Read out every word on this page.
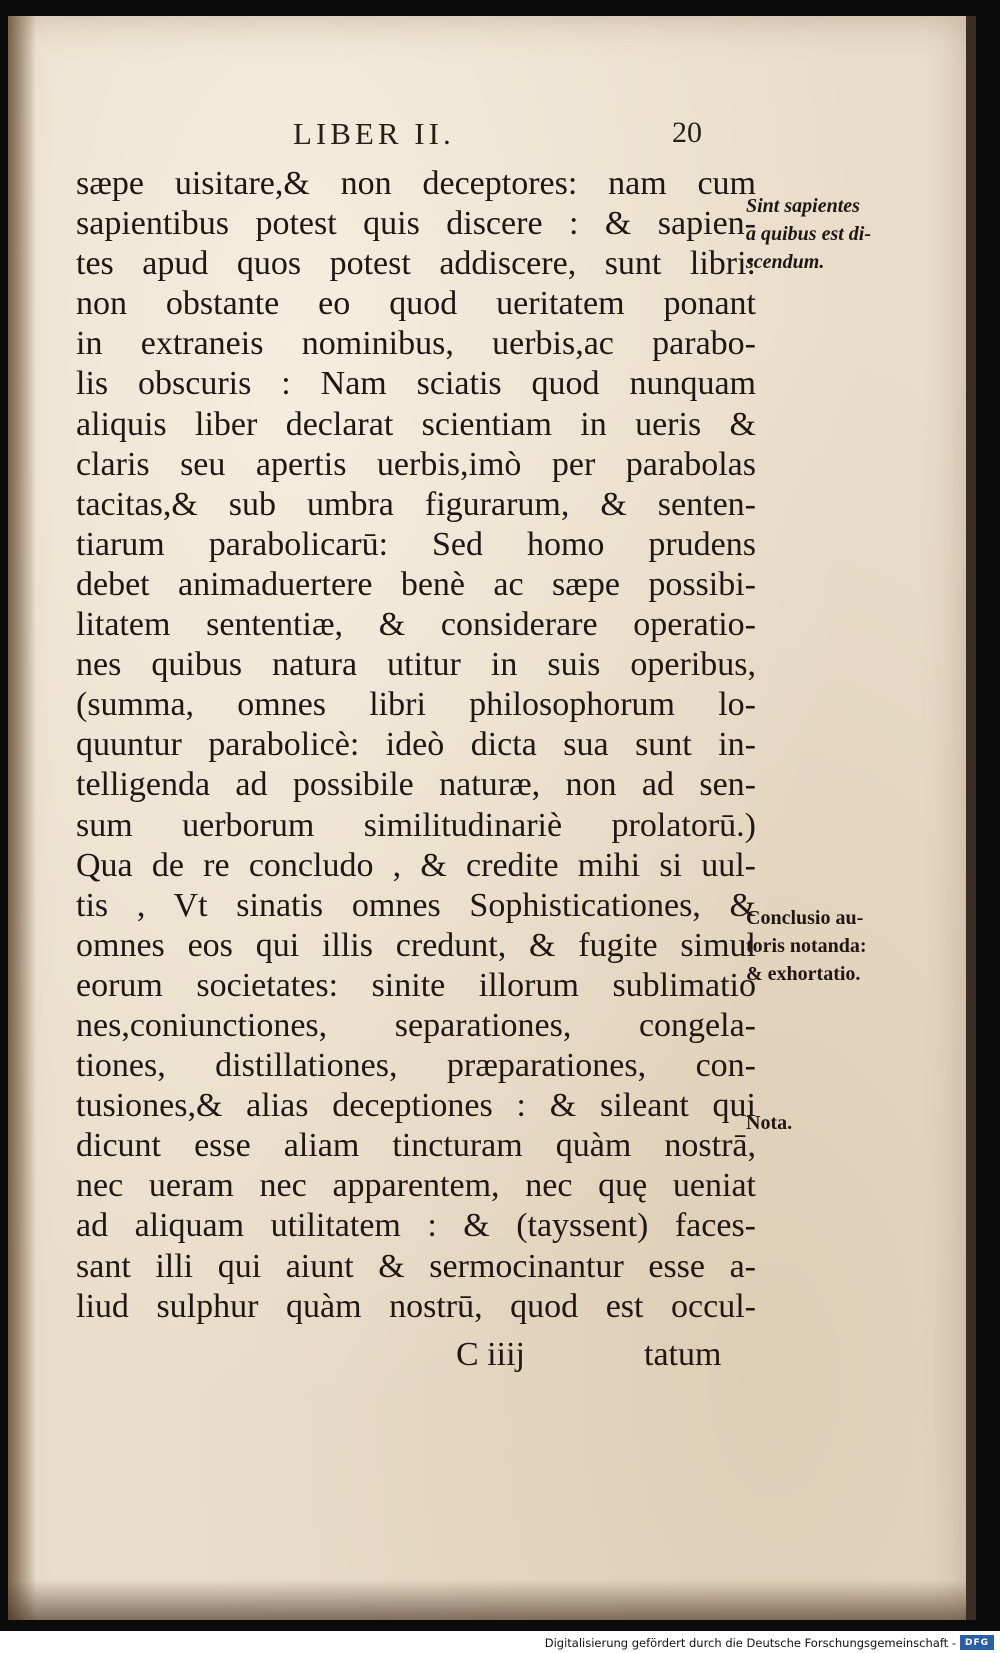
LIBER II.	20
sæpe uisitare,& non deceptores: nam cum
sapientibus potest quis discere : & sapien-
tes apud quos potest addiscere, sunt libri:
non obstante eo quod ueritatem ponant
in extraneis nominibus, uerbis,ac parabo-
lis obscuris : Nam sciatis quod nunquam
aliquis liber declarat scientiam in ueris &
claris seu apertis uerbis,imò per parabolas
tacitas,& sub umbra figurarum, & senten-
tiarum parabolicarū: Sed homo prudens
debet animaduertere benè ac sæpe possibi-
litatem sententiæ, & considerare operatio-
nes quibus natura utitur in suis operibus,
(summa, omnes libri philosophorum lo-
quuntur parabolicè: ideò dicta sua sunt in-
telligenda ad possibile naturæ, non ad sen-
sum uerborum similitudinariè prolatorū.)
Qua de re concludo , & credite mihi si uul-
tis , Vt sinatis omnes Sophisticationes, &
omnes eos qui illis credunt, & fugite simul
eorum societates: sinite illorum sublimatio
nes,coniunctiones, separationes, congela-
tiones, distillationes, præparationes, con-
tusiones,& alias deceptiones : & sileant qui
dicunt esse aliam tincturam quàm nostrā,
nec ueram nec apparentem, nec quę ueniat
ad aliquam utilitatem : & (tayssent) faces-
sant illi qui aiunt & sermocinantur esse a-
liud sulphur quàm nostrū, quod est occul-
C iiij	tatum
Sint sapientes
a quibus est di-
scendum.
Conclusio au-
toris notanda:
& exhortatio.
Nota.
Digitalisierung gefördert durch die Deutsche Forschungsgemeinschaft - DFG
